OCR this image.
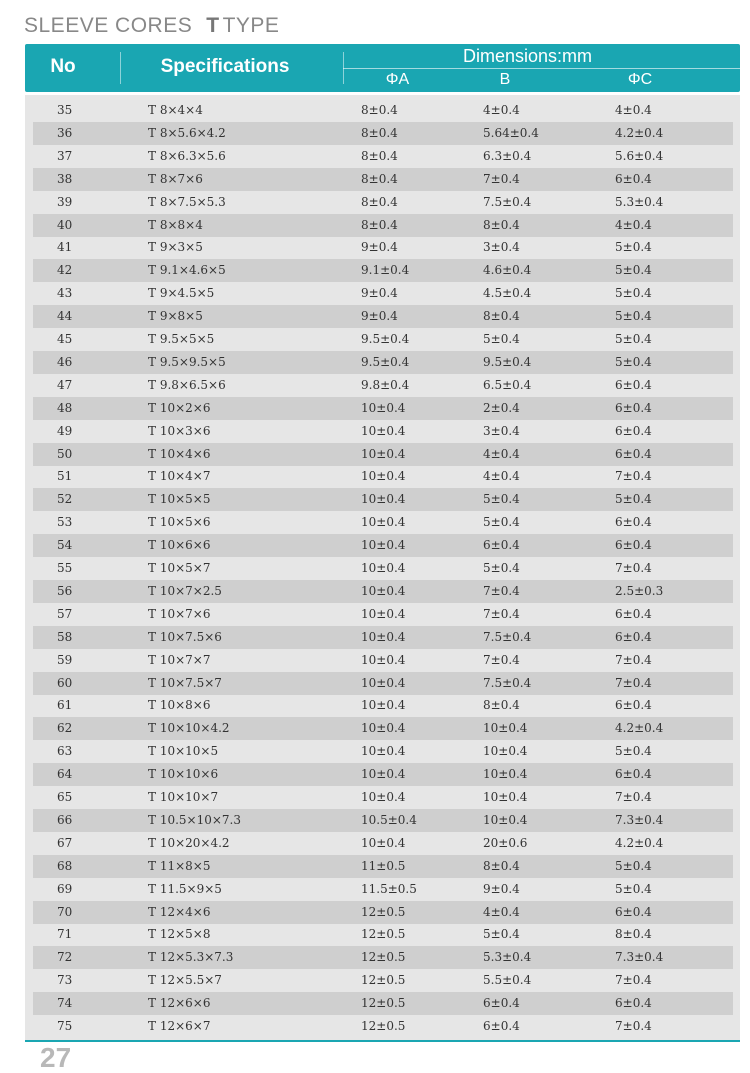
SLEEVE CORES T TYPE
No	Specifications	Dimensions:mm
ΦA	B	ΦC
35	T 8×4×4	8±0.4	4±0.4	4±0.4
36	T 8×5.6×4.2	8±0.4	5.64±0.4	4.2±0.4
37	T 8×6.3×5.6	8±0.4	6.3±0.4	5.6±0.4
38	T 8×7×6	8±0.4	7±0.4	6±0.4
39	T 8×7.5×5.3	8±0.4	7.5±0.4	5.3±0.4
40	T 8×8×4	8±0.4	8±0.4	4±0.4
41	T 9×3×5	9±0.4	3±0.4	5±0.4
42	T 9.1×4.6×5	9.1±0.4	4.6±0.4	5±0.4
43	T 9×4.5×5	9±0.4	4.5±0.4	5±0.4
44	T 9×8×5	9±0.4	8±0.4	5±0.4
45	T 9.5×5×5	9.5±0.4	5±0.4	5±0.4
46	T 9.5×9.5×5	9.5±0.4	9.5±0.4	5±0.4
47	T 9.8×6.5×6	9.8±0.4	6.5±0.4	6±0.4
48	T 10×2×6	10±0.4	2±0.4	6±0.4
49	T 10×3×6	10±0.4	3±0.4	6±0.4
50	T 10×4×6	10±0.4	4±0.4	6±0.4
51	T 10×4×7	10±0.4	4±0.4	7±0.4
52	T 10×5×5	10±0.4	5±0.4	5±0.4
53	T 10×5×6	10±0.4	5±0.4	6±0.4
54	T 10×6×6	10±0.4	6±0.4	6±0.4
55	T 10×5×7	10±0.4	5±0.4	7±0.4
56	T 10×7×2.5	10±0.4	7±0.4	2.5±0.3
57	T 10×7×6	10±0.4	7±0.4	6±0.4
58	T 10×7.5×6	10±0.4	7.5±0.4	6±0.4
59	T 10×7×7	10±0.4	7±0.4	7±0.4
60	T 10×7.5×7	10±0.4	7.5±0.4	7±0.4
61	T 10×8×6	10±0.4	8±0.4	6±0.4
62	T 10×10×4.2	10±0.4	10±0.4	4.2±0.4
63	T 10×10×5	10±0.4	10±0.4	5±0.4
64	T 10×10×6	10±0.4	10±0.4	6±0.4
65	T 10×10×7	10±0.4	10±0.4	7±0.4
66	T 10.5×10×7.3	10.5±0.4	10±0.4	7.3±0.4
67	T 10×20×4.2	10±0.4	20±0.6	4.2±0.4
68	T 11×8×5	11±0.5	8±0.4	5±0.4
69	T 11.5×9×5	11.5±0.5	9±0.4	5±0.4
70	T 12×4×6	12±0.5	4±0.4	6±0.4
71	T 12×5×8	12±0.5	5±0.4	8±0.4
72	T 12×5.3×7.3	12±0.5	5.3±0.4	7.3±0.4
73	T 12×5.5×7	12±0.5	5.5±0.4	7±0.4
74	T 12×6×6	12±0.5	6±0.4	6±0.4
75	T 12×6×7	12±0.5	6±0.4	7±0.4
27
